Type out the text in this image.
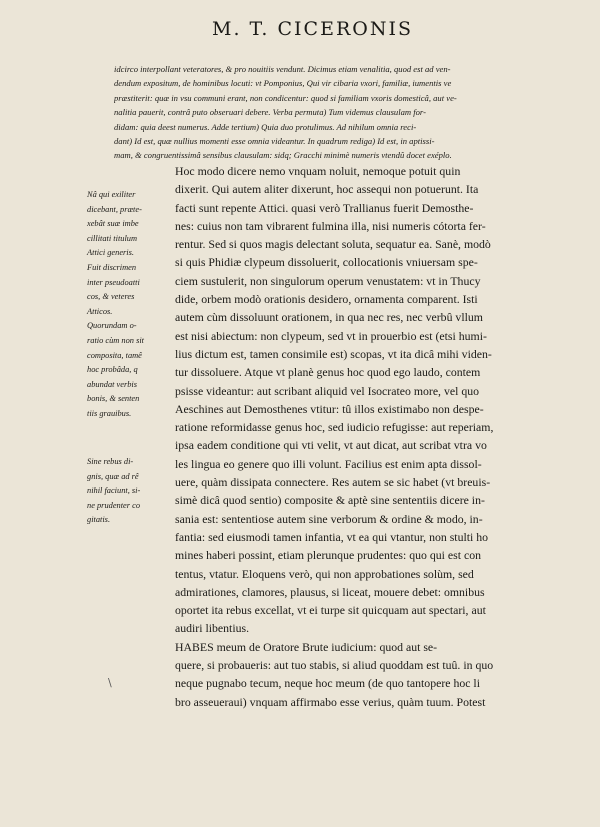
M. T. CICERONIS
idcirco interpollant veteratores, & pro nouitiis vendunt. Dicimus etiam venalitia, quod est ad ven-
dendum expositum, de hominibus locuti: vt Pomponius, Qui vir cibaria vxori, familiæ, iumentis ve
præstiterit: quæ in vsu communi erant, non condicentur: quod si familiam vxoris domesticâ, aut ve-
nalitia pauerit, contrâ puto obseruari debere. Verba permuta) Tum videmus clausulam for-
didam: quia deest numerus. Adde tertium) Quia duo protulimus. Ad nihilum omnia reci-
dant) Id est, quæ nullius momenti esse omnia videantur. In quadrum rediga) Id est, in aptissi-
mam, & congruentissimâ sensibus clausulam: sidq; Gracchi minimè numeris vtendû docet exéplo.
Hoc modo dicere nemo vnquam noluit, nemoque potuit quin
dixerit. Qui autem aliter dixerunt, hoc assequi non potuerunt. Ita
facti sunt repente Attici. quasi verò Trallianus fuerit Demosthe-
nes: cuius non tam vibrarent fulmina illa, nisi numeris cótorta fer-
rentur. Sed si quos magis delectant soluta, sequatur ea. Sanè, modò
si quis Phidiæ clypeum dissoluerit, collocationis vniuersam spe-
ciem sustulerit, non singulorum operum venustatem: vt in Thucy
dide, orbem modò orationis desidero, ornamenta comparent. Isti
autem cùm dissoluunt orationem, in qua nec res, nec verbû vllum
est nisi abiectum: non clypeum, sed vt in prouerbio est (etsi humi-
lius dictum est, tamen consimile est) scopas, vt ita dicâ mihi viden-
tur dissoluere. Atque vt planè genus hoc quod ego laudo, contem
psisse videantur: aut scribant aliquid vel Isocrateo more, vel quo
Aeschines aut Demosthenes vtitur: tû illos existimabo non despe-
ratione reformidasse genus hoc, sed iudicio refugisse: aut reperiam,
ipsa eadem conditione qui vti velit, vt aut dicat, aut scribat vtra vo
les lingua eo genere quo illi volunt. Facilius est enim apta dissol-
uere, quàm dissipata connectere. Res autem se sic habet (vt breuis-
simè dicâ quod sentio) composite & aptè sine sententiis dicere in-
sania est: sententiose autem sine verborum & ordine & modo, in-
fantia: sed eiusmodi tamen infantia, vt ea qui vtantur, non stulti ho
mines haberi possint, etiam plerunque prudentes: quo qui est con
tentus, vtatur. Eloquens verò, qui non approbationes solùm, sed
admirationes, clamores, plausus, si liceat, mouere debet: omnibus
oportet ita rebus excellat, vt ei turpe sit quicquam aut spectari, aut
audiri libentius.
HABES meum de Oratore Brute iudicium: quod aut se-
quere, si probaueris: aut tuo stabis, si aliud quoddam est tuû. in quo
neque pugnabo tecum, neque hoc meum (de quo tantopere hoc li
bro asseueraui) vnquam affirmabo esse verius, quàm tuum. Potest
Nâ qui exiliter
dicebant, præte-
xebât suæ imbe
cillitati titulum
Attici generis.
Fuit discrimen
inter pseudoatti
cos, & veteres
Atticos.
Quorundam o-
ratio cùm non sit
composita, tamê
hoc probâda, q
abundat verbis
bonis, & senten
tiis grauibus.
Sine rebus di-
gnis, quæ ad rê
nihil faciunt, si-
ne prudenter co
gitatis.
\
